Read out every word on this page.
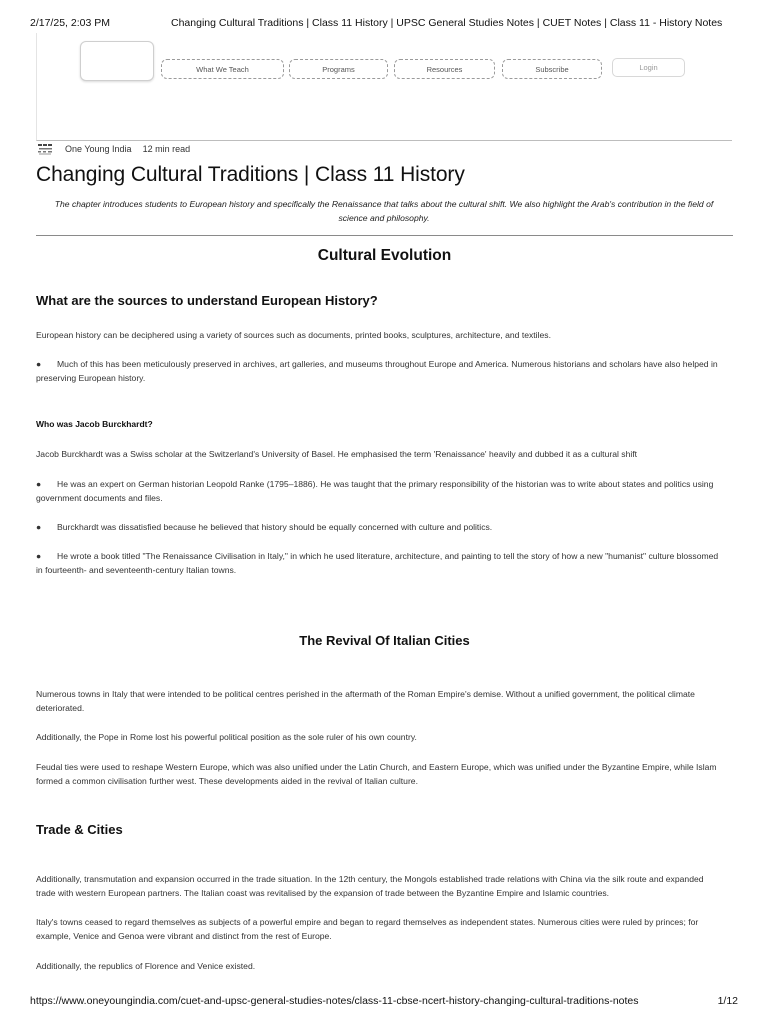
2/17/25, 2:03 PM	Changing Cultural Traditions | Class 11 History | UPSC General Studies Notes | CUET Notes | Class 11 - History Notes
What We Teach	Programs	Resources	Subscribe	Login
One Young India 12 min read
Changing Cultural Traditions | Class 11 History

The chapter introduces students to European history and specifically the Renaissance that talks about the cultural shift. We also highlight the Arab's contribution in the field of science and philosophy.

Cultural Evolution
What are the sources to understand European History?

European history can be deciphered using a variety of sources such as documents, printed books, sculptures, architecture, and textiles.

● Much of this has been meticulously preserved in archives, art galleries, and museums throughout Europe and America. Numerous historians and scholars have also helped in preserving European history.

Who was Jacob Burckhardt?

Jacob Burckhardt was a Swiss scholar at the Switzerland's University of Basel. He emphasised the term 'Renaissance' heavily and dubbed it as a cultural shift

● He was an expert on German historian Leopold Ranke (1795–1886). He was taught that the primary responsibility of the historian was to write about states and politics using government documents and files.

● Burckhardt was dissatisfied because he believed that history should be equally concerned with culture and politics.

● He wrote a book titled "The Renaissance Civilisation in Italy," in which he used literature, architecture, and painting to tell the story of how a new "humanist" culture blossomed in fourteenth- and seventeenth-century Italian towns.

The Revival Of Italian Cities

Numerous towns in Italy that were intended to be political centres perished in the aftermath of the Roman Empire's demise. Without a unified government, the political climate deteriorated.

Additionally, the Pope in Rome lost his powerful political position as the sole ruler of his own country.

Feudal ties were used to reshape Western Europe, which was also unified under the Latin Church, and Eastern Europe, which was unified under the Byzantine Empire, while Islam formed a common civilisation further west. These developments aided in the revival of Italian culture.

Trade & Cities

Additionally, transmutation and expansion occurred in the trade situation. In the 12th century, the Mongols established trade relations with China via the silk route and expanded trade with western European partners. The Italian coast was revitalised by the expansion of trade between the Byzantine Empire and Islamic countries.

Italy's towns ceased to regard themselves as subjects of a powerful empire and began to regard themselves as independent states. Numerous cities were ruled by princes; for example, Venice and Genoa were vibrant and distinct from the rest of Europe.

Additionally, the republics of Florence and Venice existed.

https://www.oneyoungindia.com/cuet-and-upsc-general-studies-notes/class-11-cbse-ncert-history-changing-cultural-traditions-notes	1/12
